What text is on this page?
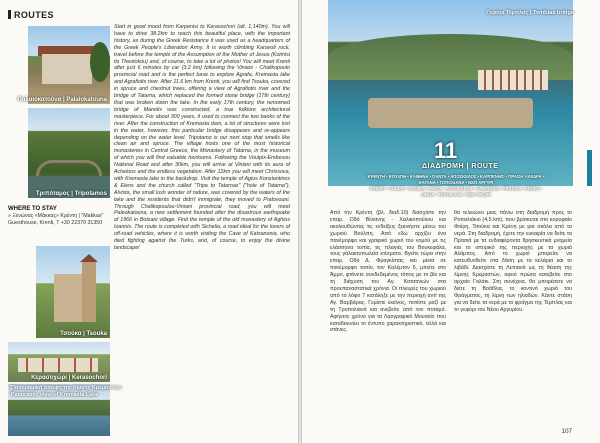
ROUTES
Παλαιοκατούνα | Palaiokatouna
Τριπόταμος | Tripotamos
WHERE TO STAY
» Ξενώνας «Μάκκας» Κρέντη | "Makkas" Guesthouse, Krenti, T +30 22370 31350
Τσούκα | Tsouka
Κερασοχώρι | Kerasochori
Πανοραμική άποψη της Λίμνης Κρεμαστών
Panoramic view of Kremasta Lake
Start in good mood from Karpenisi to Kerasochori (alt. 1,140m). You will have to drive 38.2km to reach this beautiful place, with the important history, as during the Greek Resistance it was used as a headquarters of the Greek People's Liberation Army. It is worth climbing Karavoli rock, travel before the temple of the Assumption of the Mother of Jesus (Koimisi tis Theotokou) and, of course, to take a lot of photos! You will meet Krenti after just 6 minutes by car (3.2 km) following the Viniani - Chalikopoulo provincial road and is the perfect base to explore Agrafa, Kremasta lake and Agrafiotis river. After 11.6 km from Krenti, you will find Tsouka, covered in spruce and chestnut trees, offering a view of Agrafiotis river and the bridge of Tatarna, which replaced the formed stone bridge (17th century) that was broken down the lake. In the early 17th century, the renowned bridge of Manolis was constructed, a true folklore architectural masterpiece. For about 300 years, it used to connect the two banks of the river. After the construction of Kremasta dam, a lot of structures were lost in the water, however, this particular bridge disappears and re-appears depending on the water level. Tripotamo is our next stop that smells like clean air and spruce. The village hosts one of the most historical monasteries in Central Greece, the Monastery of Tatarna, in the museum of which you will find valuable heirlooms. Following the Voulpix-Embesou National Road and after 30km, you will arrive at Viniani with its aura of Acheloos and the endless vegetation. After 12km you will meet Chrissova, with Kremasta lake in the backdrop. Visit the temple of Agios Konstantinos & Elens and the church called "Tripa to Tatarnas" ("hole of Tatarna"). Alvista, the small lush wonder of nature, was covered by the waters of the lake and the residents that didn't immigrate, they moved to Pratovouni. Through Chalikopoulou-Viniani provincial road, you will meet Paleokatouna, a new settlement founded after the disastrous earthquake of 1966 in Botsani village. Find the temple of the old monastery of Aghios Ioannis. The route is completed with Sichelia, a road ideal for the lovers of off-road vehicles, where it is worth visiting the Cave of Katsanonia, who died fighting against the Turks, and, of course, to enjoy the divine landscape!
Γεφύρι Τέμπλας | Temblas bridge
11
ΔΙΑΔΡΟΜΗ | ROUTE
ΚΡΕΝΤΗ • ΒΟΥΛΠΗ • ΚΑΜΗΝΑ • ΠΑΝΤΑ • ΑΠΟΣΚΕΛΟΣ • ΚΑΡΠΕΝΗΣΙ • ΠΡΑΣΙΑ • ΚΕΔΡΑ • ΚΑΤΑΝΑ • ΤΟΠΟΛΙΑΝΑ • ΝΕΟ ΑΡΓΥΡΙ
KRENTI • VOULPI • KAMINA • PANTA • APOSKELOS • KARPENISI • PRASSIA • KEDRA • LIMNA • TOPOLIANA • NEO ARGIRI
Από την Κρέντη (βλ. διαδ.10) διασχίστε την επαρ. Οδό Βίνιανης - Χαλικοπούλου και ακολουθώντας τις ενδείξεις ξεκινήστε μέσω του χωριού Βούλπη. Από εδώ αρχίζει ένα πανέμορφο και γραφικό χωριό του νομού με τις ελάσσονα τοπία, τις πλαγιές του Βουκεφάλα, τους γάλακτοπωλεία κτίσματα. Βγείτε τώρα στην επαρ. Οδό Δ. Φραγκίστας και μέσα σε πανέμορφο τοπίο, τον Καλέμτον 6, μπείτε στο Άμμο, φτάνετε συνδεδεμένος τόπος με το βίο και τη διάχυση του Αγ. Κατσανιών στα προεπαναστατικά χρόνια. Οι πλευρές του χωριού από το λόφο 7 κατάληξε με την περιοχή αντί της Αγ. Βαρβάρας. Γεμίστε εκείνος, ποτίστε μαζί με τη Τροπολιανά και ανεβείτε από τον ποταμό. Αφήνετε χρόνο για τα Λαογραφικό Μουσείο που καταδεικνύει το έντυπο χαρακτηριστικό, αλλά και στάνες.
θα τελειώνει μιας πάνω στη διαδρομή προς το Ροπαλιάκιο (4,5 km), που βρίσκεται στο κορυφαίο Φοίρη, Τσούκα και Κρένη με μια σκάλα από τα νερά. Στη διαδρομή, έχετε την ευκαιρία να δείτε τα Πρασιά με τα ενδιαφέροντα θρησκευτικά μνημεία και το ιστορικό της περιοχής με τα χωριά Αλάμπος. Από το χωριό μπορείτε να κατευθυνθείτε στα δάση με τα κελάρια και το λιβάδι. Διασχίστε τη Λεπιανά ως τη θέαση της λίμνης Κρεμαστών, αφού πρώτα κατεβείτε στο αρχαίο Γαλάκι. Στη συνέχεια, θα μπορέσετε να δείτε τη Βοάθλια, το κοντινό χωριό του Φράγματος, τη λίμνη των ηλιαδών. Κάντε στάση για να δείτε τα νερά με το φράγμα της Τέμπλας και το γεφύρι του Νέου Αργυρίου.
107
